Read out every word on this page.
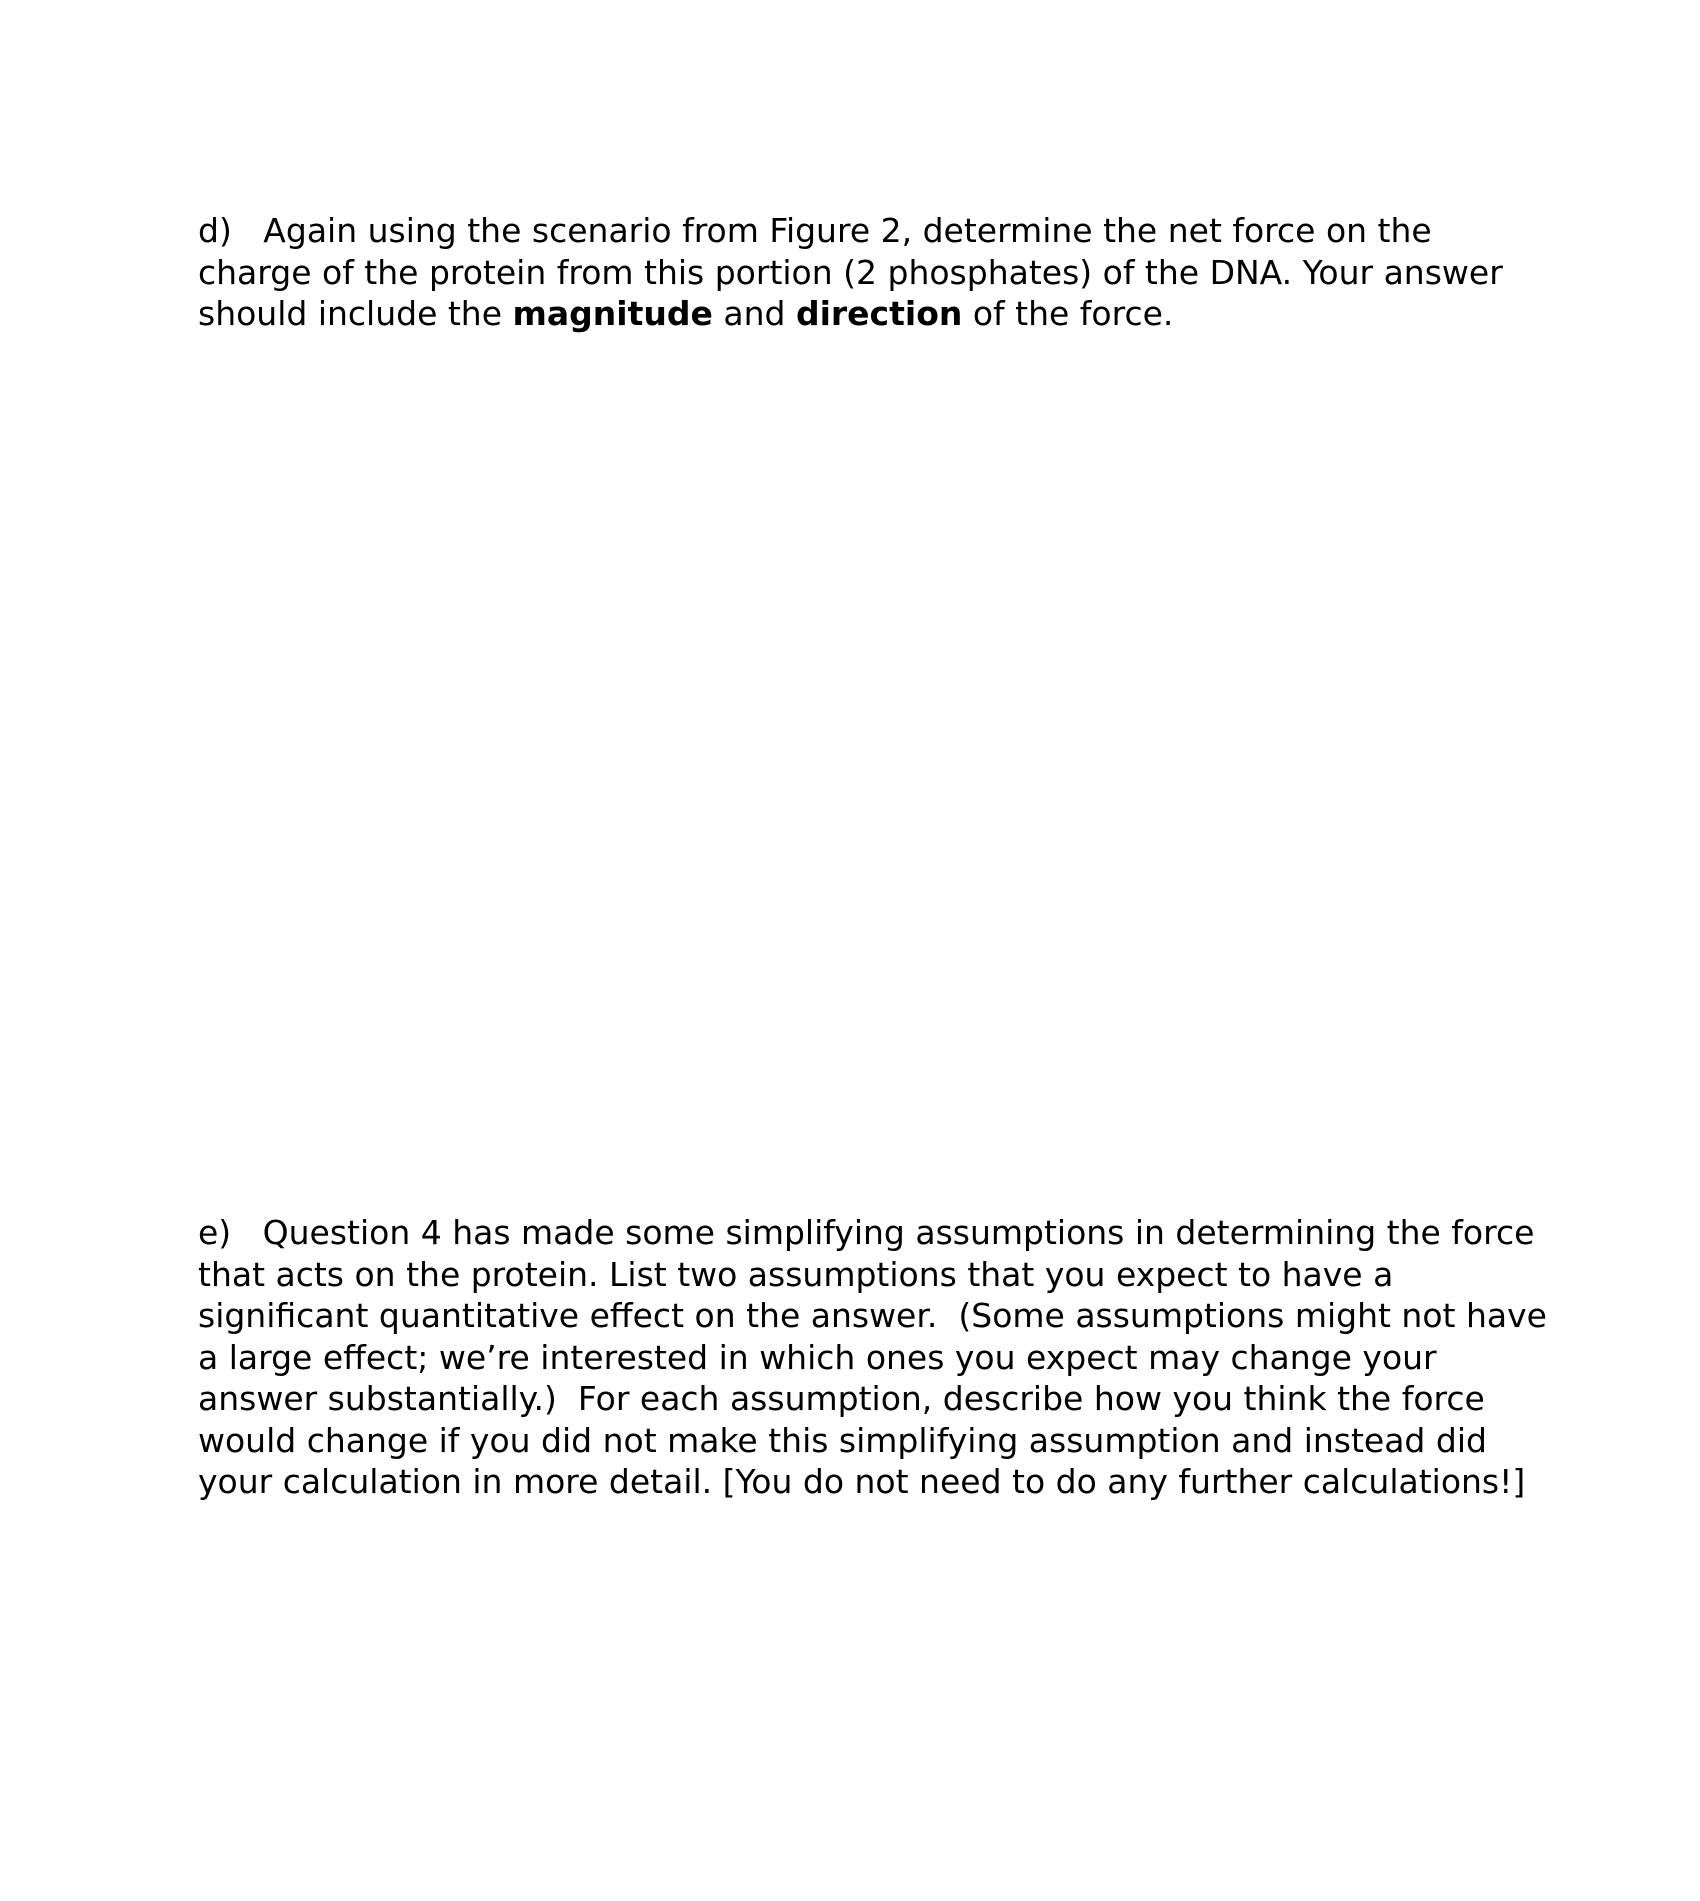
d)   Again using the scenario from Figure 2, determine the net force on the
charge of the protein from this portion (2 phosphates) of the DNA. Your answer
should include the magnitude and direction of the force.
e)   Question 4 has made some simplifying assumptions in determining the force
that acts on the protein. List two assumptions that you expect to have a
significant quantitative effect on the answer.  (Some assumptions might not have
a large effect; we’re interested in which ones you expect may change your
answer substantially.)  For each assumption, describe how you think the force
would change if you did not make this simplifying assumption and instead did
your calculation in more detail. [You do not need to do any further calculations!]
